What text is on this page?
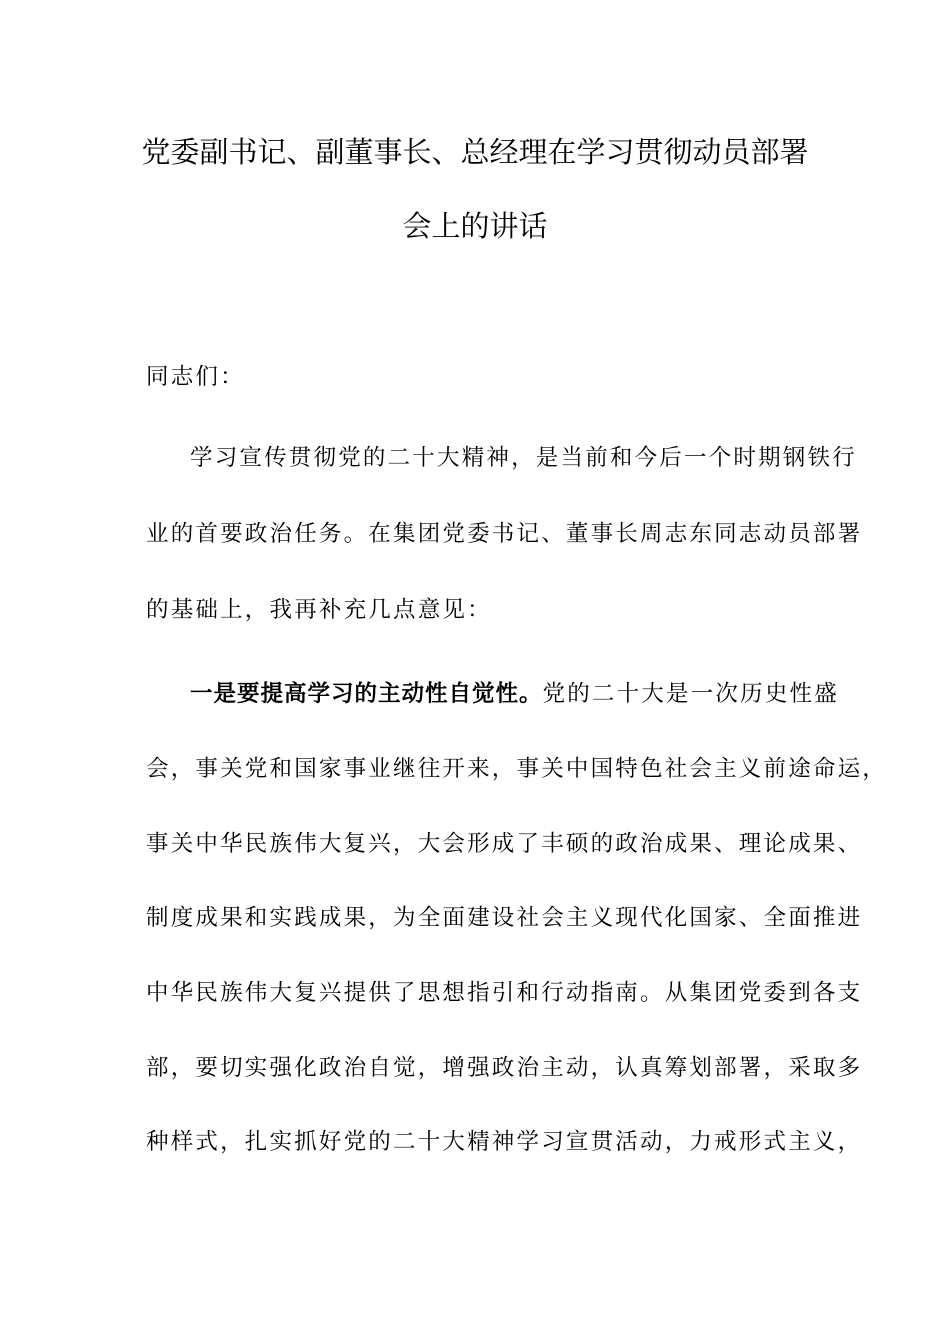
党委副书记、副董事长、总经理在学习贯彻动员部署
会上的讲话
同志们：
学习宣传贯彻党的二十大精神，是当前和今后一个时期钢铁行
业的首要政治任务。在集团党委书记、董事长周志东同志动员部署
的基础上，我再补充几点意见：
一是要提高学习的主动性自觉性。党的二十大是一次历史性盛
会，事关党和国家事业继往开来，事关中国特色社会主义前途命运，
事关中华民族伟大复兴，大会形成了丰硕的政治成果、理论成果、
制度成果和实践成果，为全面建设社会主义现代化国家、全面推进
中华民族伟大复兴提供了思想指引和行动指南。从集团党委到各支
部，要切实强化政治自觉，增强政治主动，认真筹划部署，采取多
种样式，扎实抓好党的二十大精神学习宣贯活动，力戒形式主义，
